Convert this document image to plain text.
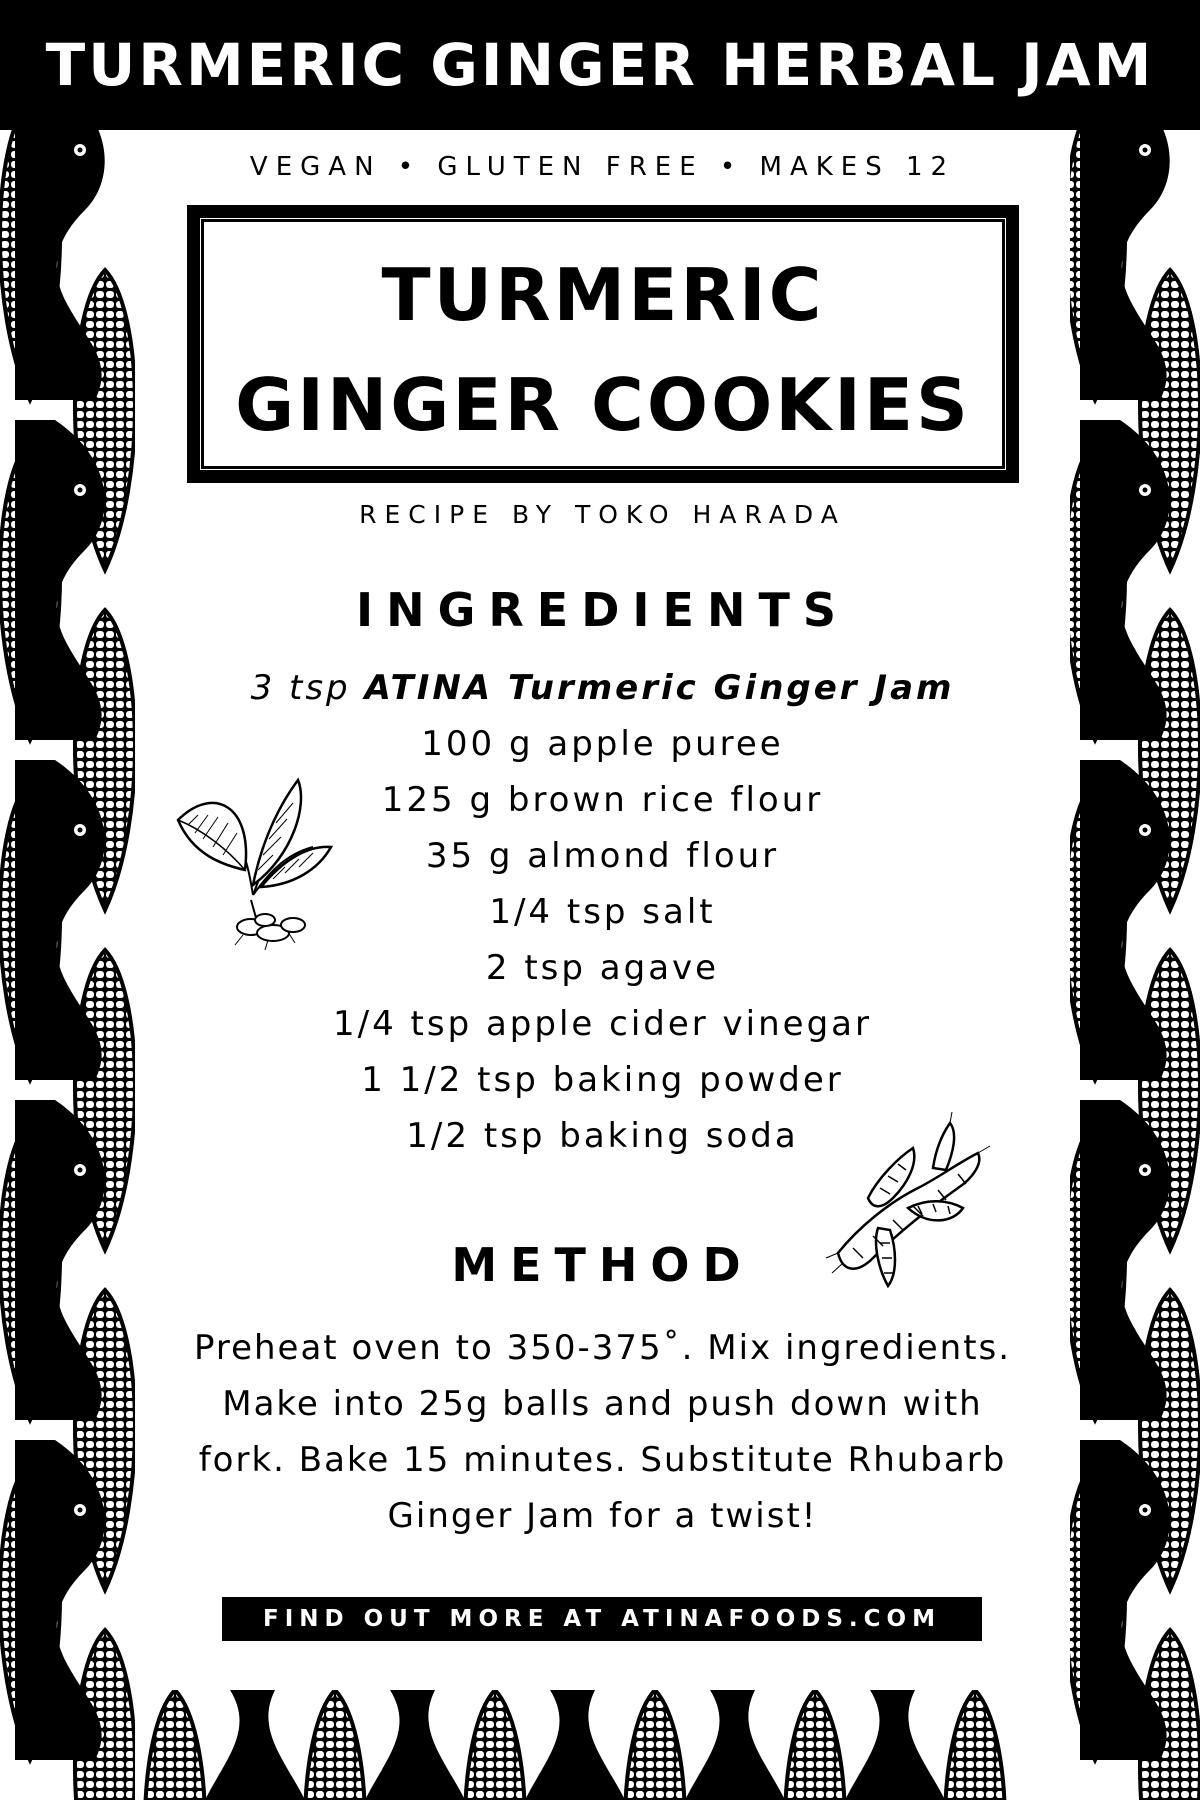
TURMERIC GINGER HERBAL JAM
VEGAN • GLUTEN FREE • MAKES 12
TURMERIC
GINGER COOKIES
RECIPE BY TOKO HARADA
INGREDIENTS
3 tsp ATINA Turmeric Ginger Jam
100 g apple puree
125 g brown rice flour
35 g almond flour
1/4 tsp salt
2 tsp agave
1/4 tsp apple cider vinegar
1 1/2 tsp baking powder
1/2 tsp baking soda
METHOD
Preheat oven to 350-375˚. Mix ingredients.
Make into 25g balls and push down with
fork. Bake 15 minutes. Substitute Rhubarb
Ginger Jam for a twist!
FIND OUT MORE AT ATINAFOODS.COM
